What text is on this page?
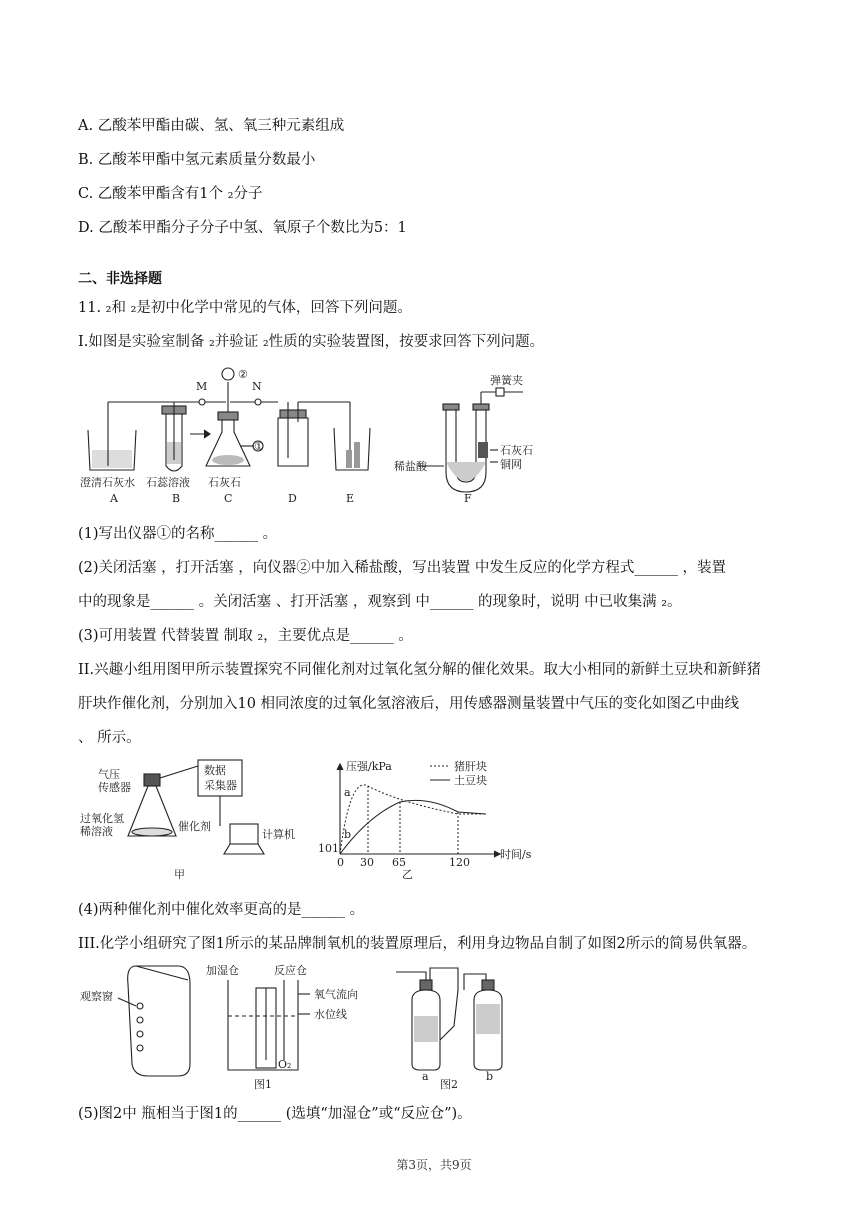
A. 乙酸苯甲酯由碳、氢、氧三种元素组成
B. 乙酸苯甲酯中氢元素质量分数最小
C. 乙酸苯甲酯含有1个 ₂分子
D. 乙酸苯甲酯分子分子中氢、氧原子个数比为5：1
二、非选择题
11. ₂和 ₂是初中化学中常见的气体，回答下列问题。
I.如图是实验室制备 ₂并验证 ₂性质的实验装置图，按要求回答下列问题。
M	N
②
①
弹簧夹
石灰石
铜网
稀盐酸
澄清石灰水 石蕊溶液 石灰石
A	B	C	D	E	F
(1)写出仪器①的名称______ 。
(2)关闭活塞 ，打开活塞 ，向仪器②中加入稀盐酸，写出装置 中发生反应的化学方程式______ ，装置
中的现象是______ 。关闭活塞 、打开活塞 ，观察到 中______ 的现象时，说明 中已收集满 ₂。
(3)可用装置 代替装置 制取 ₂，主要优点是______ 。
II.兴趣小组用图甲所示装置探究不同催化剂对过氧化氢分解的催化效果。取大小相同的新鲜土豆块和新鲜猪
肝块作催化剂，分别加入10 相同浓度的过氧化氢溶液后，用传感器测量装置中气压的变化如图乙中曲线
、 所示。
气压
传感器
数据
采集器
过氧化氢
稀溶液	催化剂
计算机
甲	乙
压强/kPa
时间/s
猪肝块
土豆块
a
b
101
0 30 65	120
(4)两种催化剂中催化效率更高的是______ 。
III.化学小组研究了图1所示的某品牌制氧机的装置原理后，利用身边物品自制了如图2所示的简易供氧器。
观察窗
加湿仓	反应仓
氧气流向
水位线
O₂
图1	图2
a	b
(5)图2中 瓶相当于图1的______ (选填“加湿仓”或“反应仓”)。
第3页，共9页
